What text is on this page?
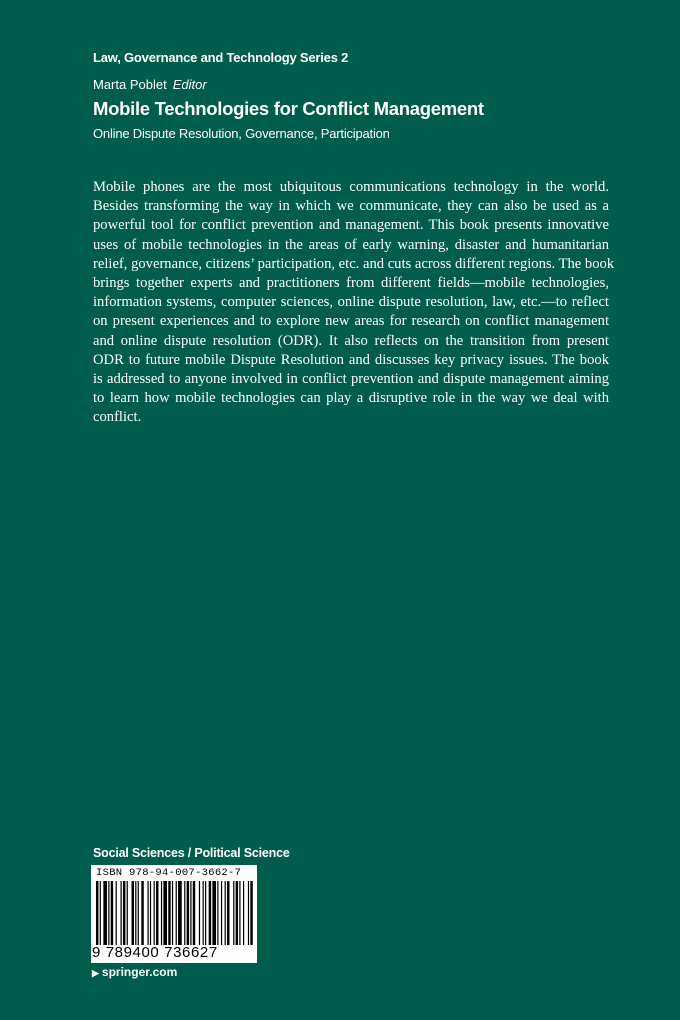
Law, Governance and Technology Series 2
Marta Poblet Editor
Mobile Technologies for Conflict Management
Online Dispute Resolution, Governance, Participation
Mobile phones are the most ubiquitous communications technology in the world.
Besides transforming the way in which we communicate, they can also be used as a
powerful tool for conflict prevention and management. This book presents innovative
uses of mobile technologies in the areas of early warning, disaster and humanitarian
relief, governance, citizens’ participation, etc. and cuts across different regions. The book
brings together experts and practitioners from different fields—mobile technologies,
information systems, computer sciences, online dispute resolution, law, etc.—to reflect
on present experiences and to explore new areas for research on conflict management
and online dispute resolution (ODR). It also reflects on the transition from present
ODR to future mobile Dispute Resolution and discusses key privacy issues. The book
is addressed to anyone involved in conflict prevention and dispute management aiming
to learn how mobile technologies can play a disruptive role in the way we deal with
conflict.
Social Sciences / Political Science
ISBN 978-94-007-3662-7
9 789400 736627
▶ springer.com
